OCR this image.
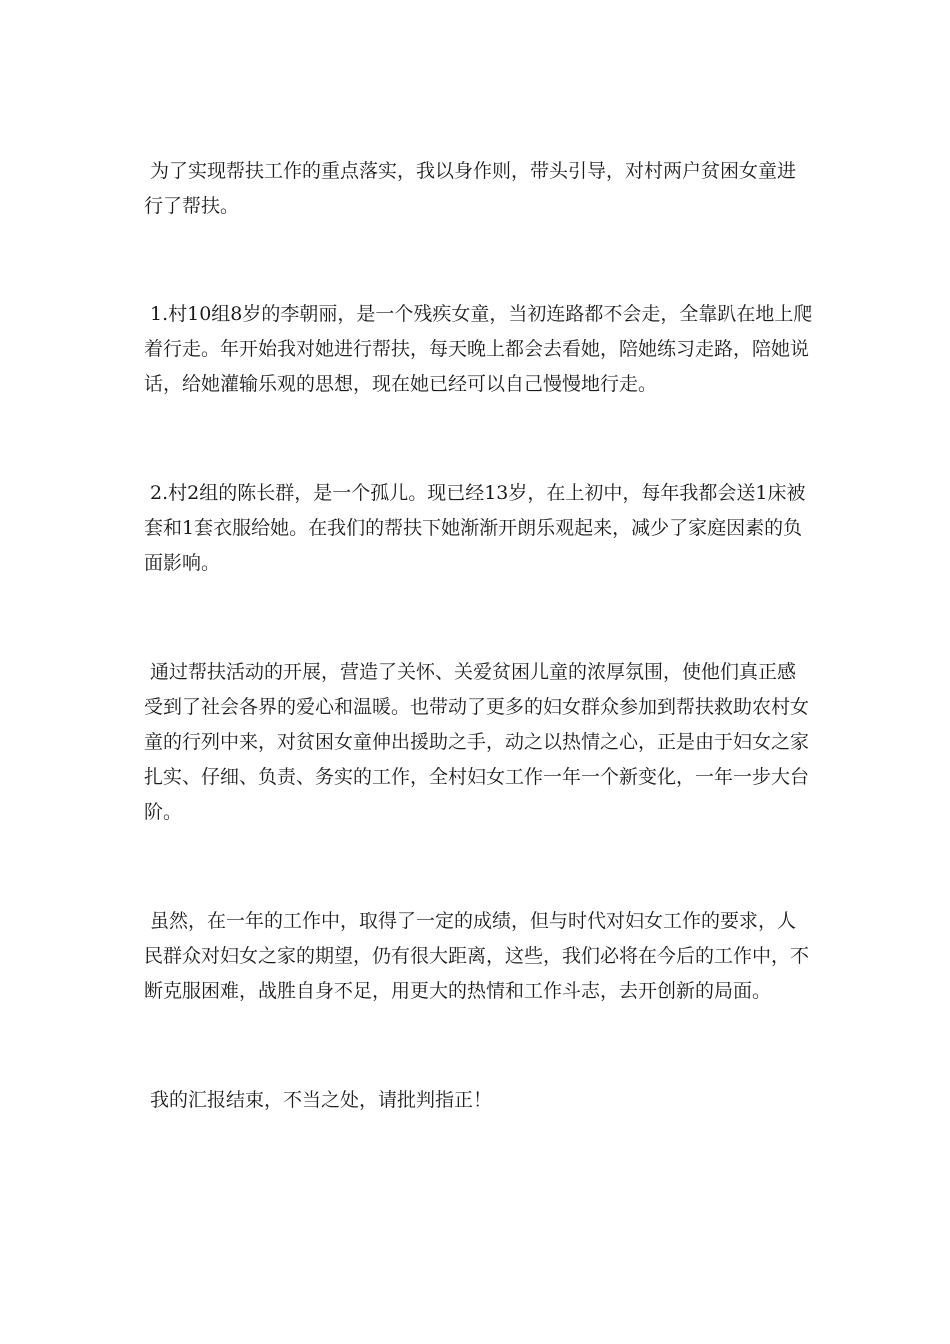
为了实现帮扶工作的重点落实，我以身作则，带头引导，对村两户贫困女童进行了帮扶。

1.村10组8岁的李朝丽，是一个残疾女童，当初连路都不会走，全靠趴在地上爬着行走。年开始我对她进行帮扶，每天晚上都会去看她，陪她练习走路，陪她说话，给她灌输乐观的思想，现在她已经可以自己慢慢地行走。

2.村2组的陈长群，是一个孤儿。现已经13岁，在上初中，每年我都会送1床被套和1套衣服给她。在我们的帮扶下她渐渐开朗乐观起来，减少了家庭因素的负面影响。

通过帮扶活动的开展，营造了关怀、关爱贫困儿童的浓厚氛围，使他们真正感受到了社会各界的爱心和温暖。也带动了更多的妇女群众参加到帮扶救助农村女童的行列中来，对贫困女童伸出援助之手，动之以热情之心，正是由于妇女之家扎实、仔细、负责、务实的工作，全村妇女工作一年一个新变化，一年一步大台阶。

虽然，在一年的工作中，取得了一定的成绩，但与时代对妇女工作的要求，人民群众对妇女之家的期望，仍有很大距离，这些，我们必将在今后的工作中，不断克服困难，战胜自身不足，用更大的热情和工作斗志，去开创新的局面。

我的汇报结束，不当之处，请批判指正！
